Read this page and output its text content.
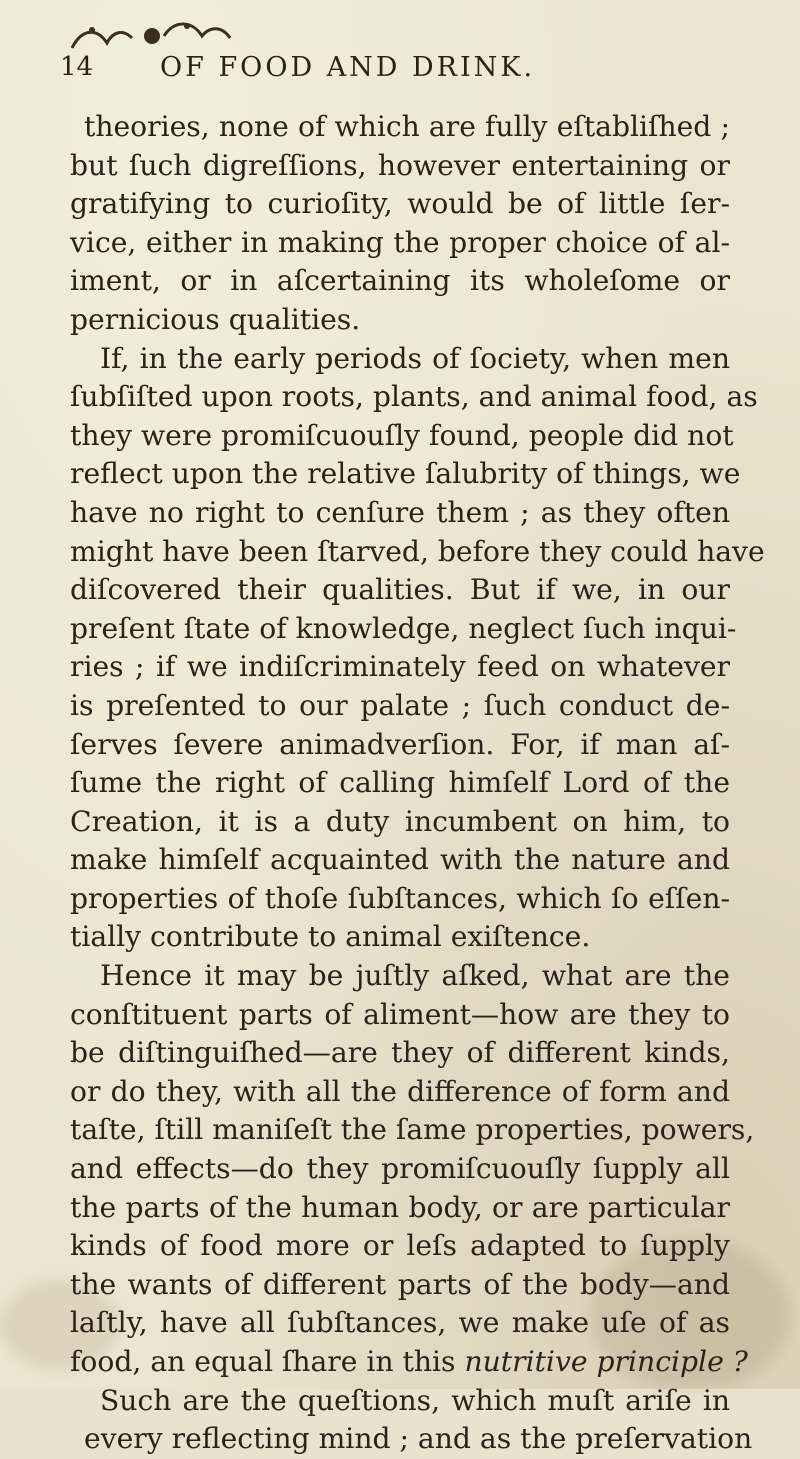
14 OF FOOD AND DRINK.
theories, none of which are fully eſtabliſhed ;
but ſuch digreſſions, however entertaining or
gratifying to curioſity, would be of little ſer-
vice, either in making the proper choice of al-
iment, or in aſcertaining its wholeſome or
pernicious qualities.
If, in the early periods of ſociety, when men
ſubſiſted upon roots, plants, and animal food, as
they were promiſcuouſly found, people did not
reflect upon the relative ſalubrity of things, we
have no right to cenſure them ; as they often
might have been ſtarved, before they could have
diſcovered their qualities. But if we, in our
preſent ſtate of knowledge, neglect ſuch inqui-
ries ; if we indiſcriminately feed on whatever
is preſented to our palate ; ſuch conduct de-
ſerves ſevere animadverſion. For, if man aſ-
ſume the right of calling himſelf Lord of the
Creation, it is a duty incumbent on him, to
make himſelf acquainted with the nature and
properties of thoſe ſubſtances, which ſo eſſen-
tially contribute to animal exiſtence.
Hence it may be juſtly aſked, what are the
conſtituent parts of aliment—how are they to
be diſtinguiſhed—are they of different kinds,
or do they, with all the difference of form and
taſte, ſtill maniſeſt the ſame properties, powers,
and effects—do they promiſcuouſly ſupply all
the parts of the human body, or are particular
kinds of food more or leſs adapted to ſupply
the wants of different parts of the body—and
laſtly, have all ſubſtances, we make uſe of as
food, an equal ſhare in this nutritive principle ?
Such are the queſtions, which muſt ariſe in
every reflecting mind ; and as the preſervation
